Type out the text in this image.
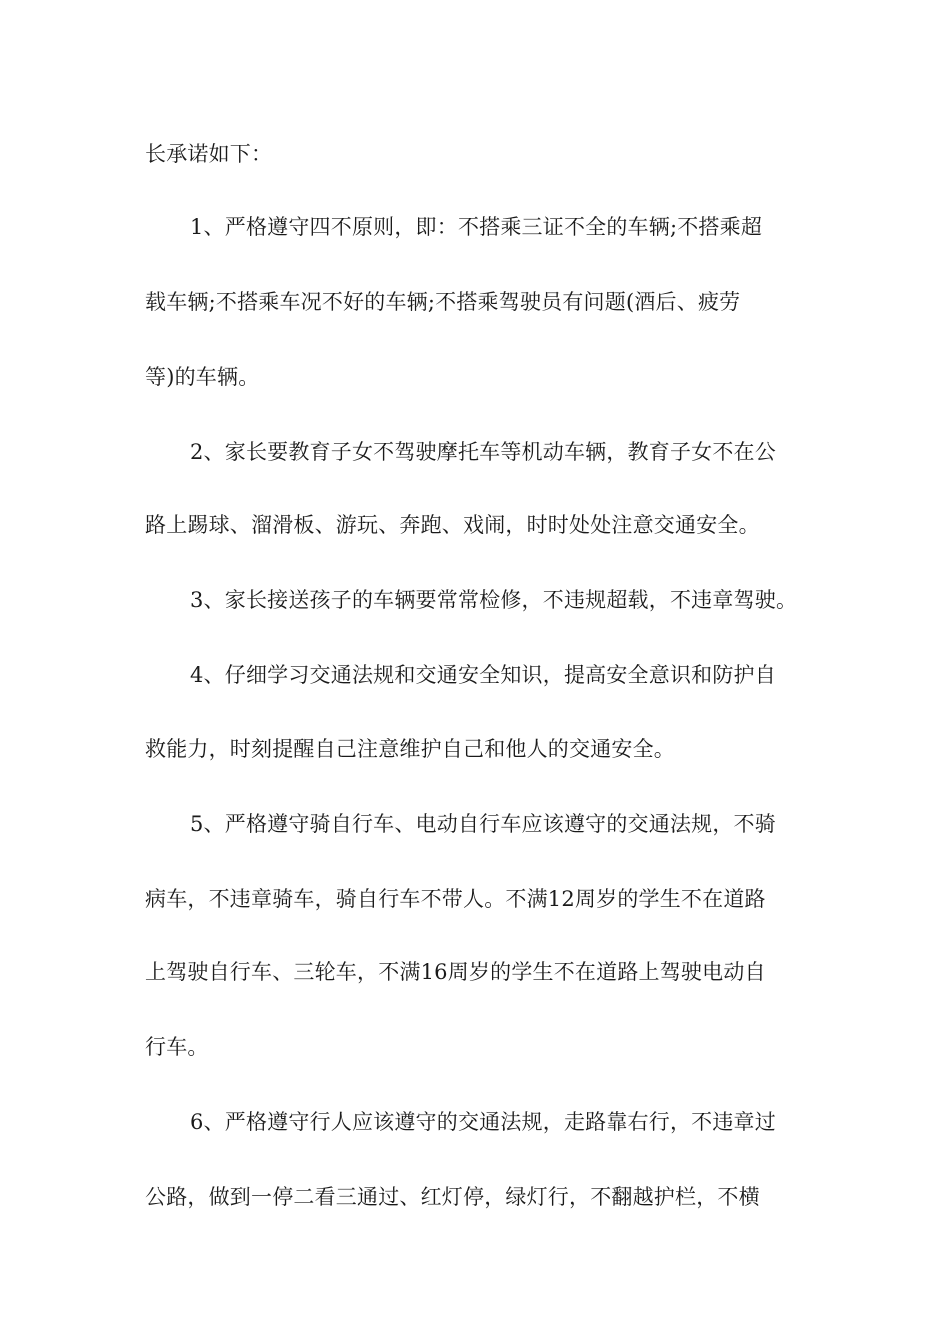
长承诺如下：
1、严格遵守四不原则，即：不搭乘三证不全的车辆;不搭乘超
载车辆;不搭乘车况不好的车辆;不搭乘驾驶员有问题(酒后、疲劳
等)的车辆。
2、家长要教育子女不驾驶摩托车等机动车辆，教育子女不在公
路上踢球、溜滑板、游玩、奔跑、戏闹，时时处处注意交通安全。
3、家长接送孩子的车辆要常常检修，不违规超载，不违章驾驶。
4、仔细学习交通法规和交通安全知识，提高安全意识和防护自
救能力，时刻提醒自己注意维护自己和他人的交通安全。
5、严格遵守骑自行车、电动自行车应该遵守的交通法规，不骑
病车，不违章骑车，骑自行车不带人。不满12周岁的学生不在道路
上驾驶自行车、三轮车，不满16周岁的学生不在道路上驾驶电动自
行车。
6、严格遵守行人应该遵守的交通法规，走路靠右行，不违章过
公路，做到一停二看三通过、红灯停，绿灯行，不翻越护栏，不横
